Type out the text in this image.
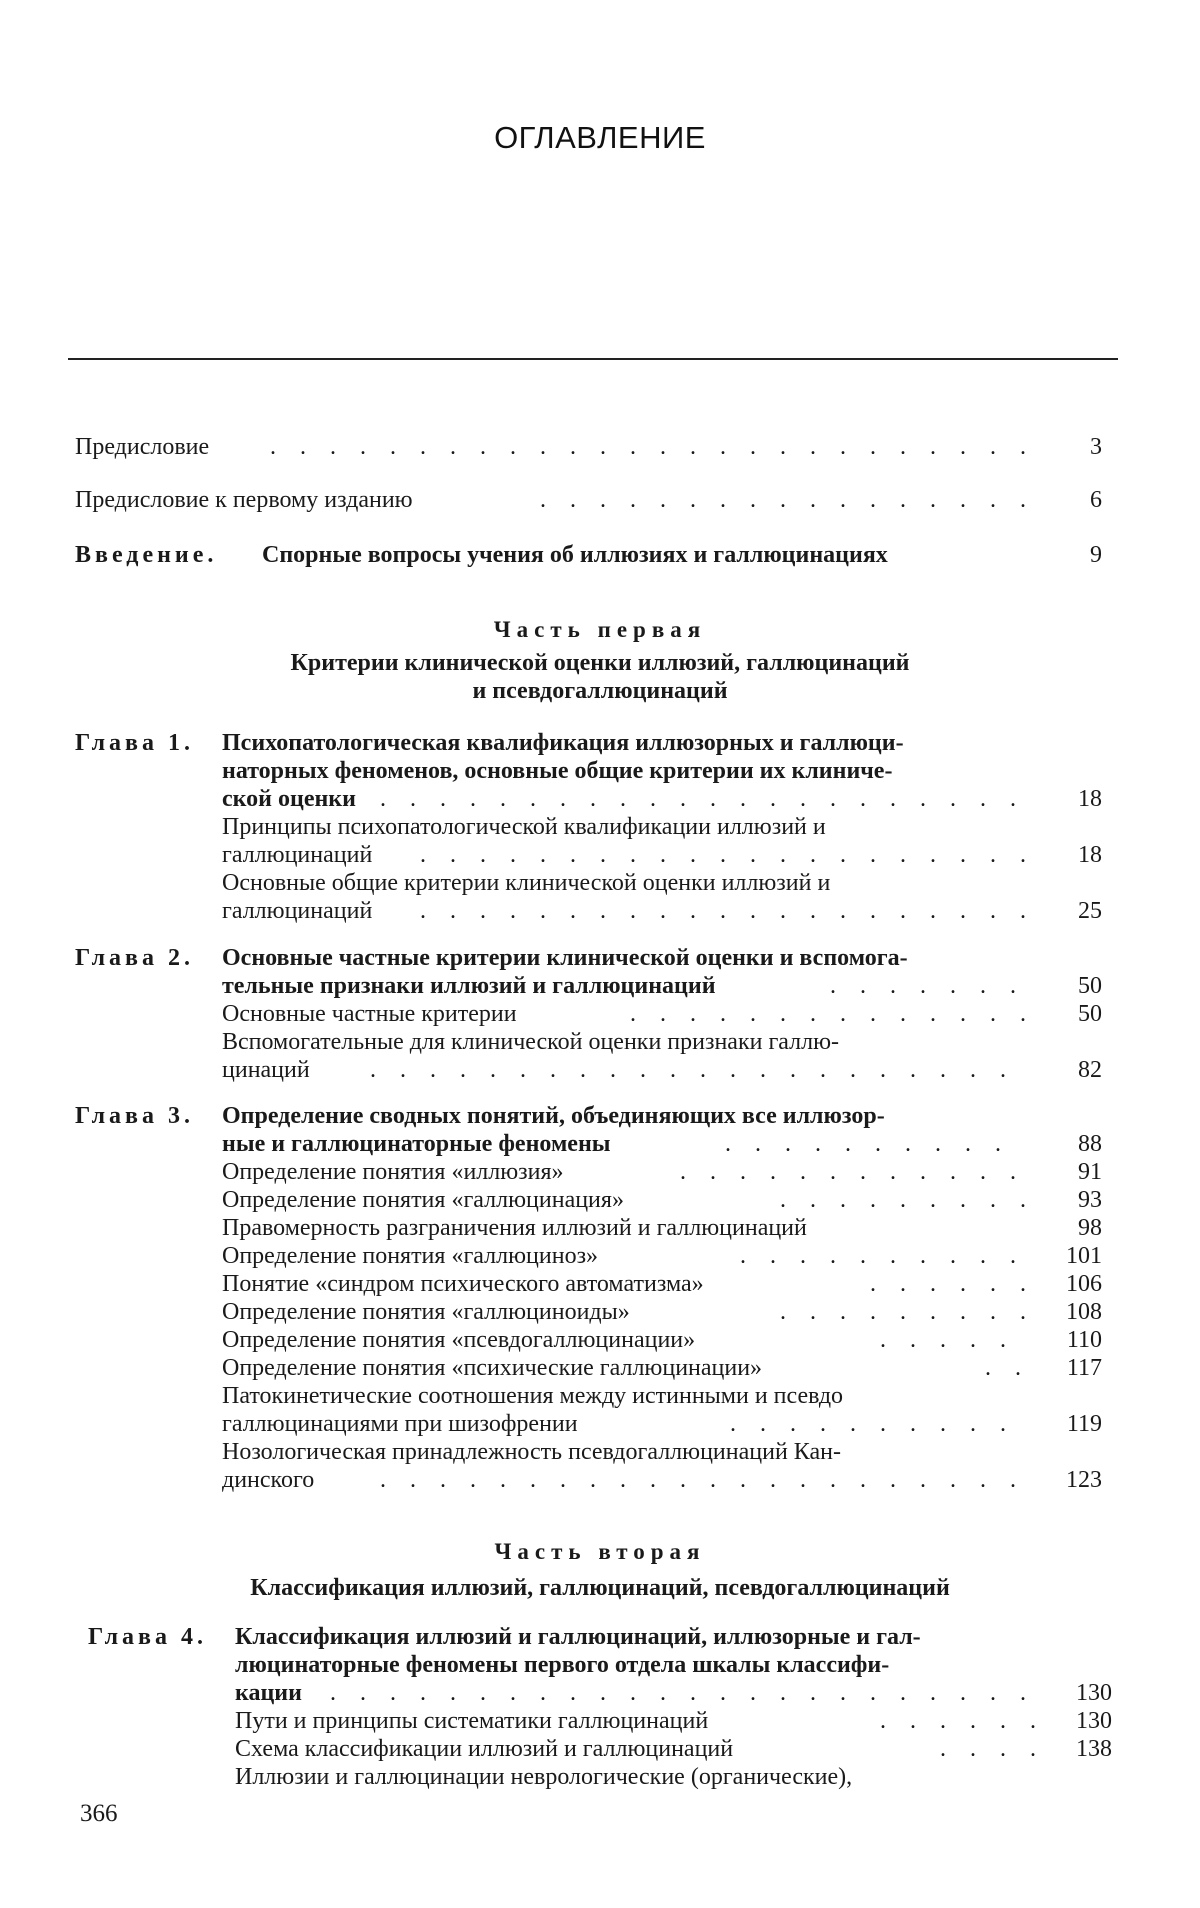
ОГЛАВЛЕНИЕ
Предисловие .	3
Предисловие к первому изданию .	6
Введение. Спорные вопросы учения об иллюзиях и галлюцинациях	9
Часть первая
Критерии клинической оценки иллюзий, галлюцинаций
и псевдогаллюцинаций
Глава 1. Психопатологическая квалификация иллюзорных и галлюци-
наторных феноменов, основные общие критерии их клиниче-
ской оценки .	18
Принципы психопатологической квалификации иллюзий и
галлюцинаций .	18
Основные общие критерии клинической оценки иллюзий и
галлюцинаций .	25
Глава 2. Основные частные критерии клинической оценки и вспомога-
тельные признаки иллюзий и галлюцинаций .	50
Основные частные критерии .	50
Вспомогательные для клинической оценки признаки галлю-
цинаций .	82
Глава 3. Определение сводных понятий, объединяющих все иллюзор-
ные и галлюцинаторные феномены .	88
Определение понятия «иллюзия» .	91
Определение понятия «галлюцинация» .	93
Правомерность разграничения иллюзий и галлюцинаций	98
Определение понятия «галлюциноз» .	101
Понятие «синдром психического автоматизма» .	106
Определение понятия «галлюциноиды» .	108
Определение понятия «псевдогаллюцинации» .	110
Определение понятия «психические галлюцинации» .	117
Патокинетические соотношения между истинными и псевдо
галлюцинациями при шизофрении .	119
Нозологическая принадлежность псевдогаллюцинаций Кан-
динского .	123
Часть вторая
Классификация иллюзий, галлюцинаций, псевдогаллюцинаций
Глава 4. Классификация иллюзий и галлюцинаций, иллюзорные и гал-
люцинаторные феномены первого отдела шкалы классифи-
кации .	130
Пути и принципы систематики галлюцинаций .	130
Схема классификации иллюзий и галлюцинаций .	138
Иллюзии и галлюцинации неврологические (органические),
366
